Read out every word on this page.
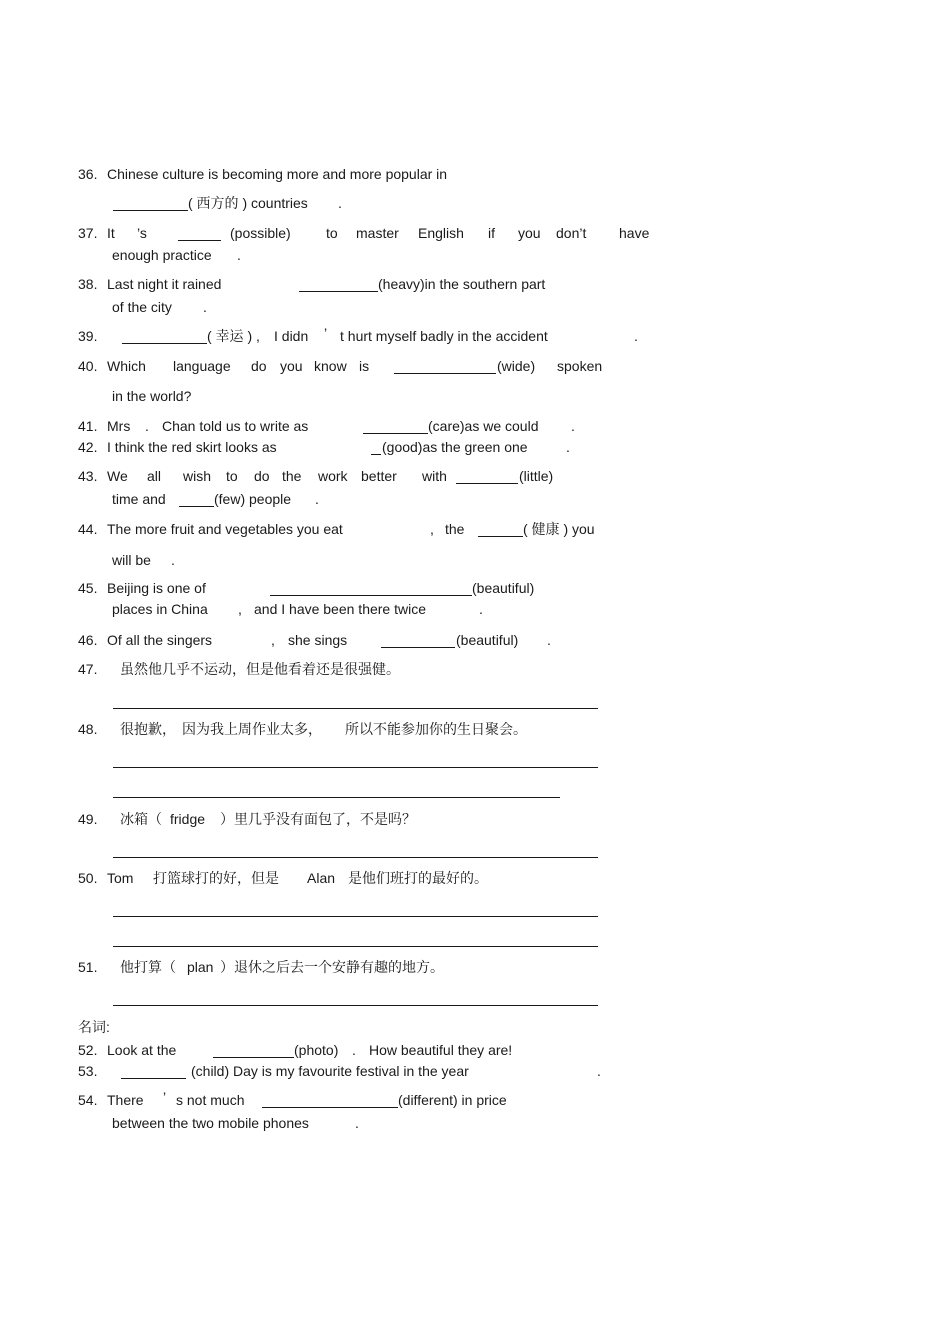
36. Chinese culture is becoming more and more popular in
( 西方的 ) countries .
37. It ’s	(possible)	to master English if you don’t have
enough practice .
38. Last night it rained	(heavy)in the southern part
of the city .
39.	( 幸运 ) , I didn ’ t hurt myself badly in the accident	.
40. Which language do you know is	(wide) spoken
in the world?
41. Mrs . Chan told us to write as	(care)as we could .
42. I think the red skirt looks as	(good)as the green one	.
43. We all wish to do the work better with	(little)
time and	(few) people .
44. The more fruit and vegetables you eat	, the	( 健康 ) you
will be .
45. Beijing is one of	(beautiful)
places in China , and I have been there twice	.
46. Of all the singers	, she sings	(beautiful) .
47. 虽然他几乎不运动，但是他看着还是很强健。
48. 很抱歉， 因为我上周作业太多， 所以不能参加你的生日聚会。
49. 冰箱（ fridge ）里几乎没有面包了，不是吗？
50. Tom 打篮球打的好，但是 Alan 是他们班打的最好的。
51. 他打算（ plan ）退休之后去一个安静有趣的地方。
名词:
52. Look at the	(photo) . How beautiful they are!
53.	(child) Day is my favourite festival in the year	.
54. There ’ s not much	(different) in price
between the two mobile phones	.
